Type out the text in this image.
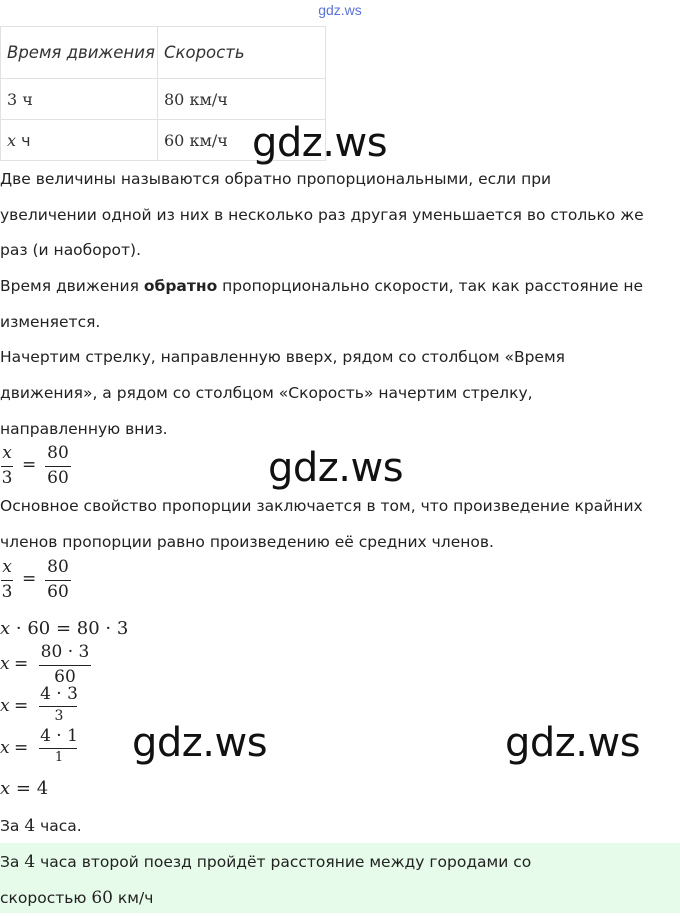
gdz.ws
Время движения	Скорость
3 ч	80 км/ч
x ч	60 км/ч gdz.ws
Две величины называются обратно пропорциональными, если при
увеличении одной из них в несколько раз другая уменьшается во столько же
раз (и наоборот).
Время движения обратно пропорционально скорости, так как расстояние не
изменяется.
Начертим стрелку, направленную вверх, рядом со столбцом «Время
движения», а рядом со столбцом «Скорость» начертим стрелку,
направленную вниз.
x
3
=
80
60	gdz.ws
Основное свойство пропорции заключается в том, что произведение крайних
членов пропорции равно произведению её средних членов.
x
3
=
80
60
x · 60 = 80 · 3
x =
80 · 3
60
x =
4 · 3
3
gdz.ws	gdz.ws
x =
4 · 1
1
x = 4
За 4 часа.
За 4 часа второй поезд пройдёт расстояние между городами со
скоростью 60 км/ч
